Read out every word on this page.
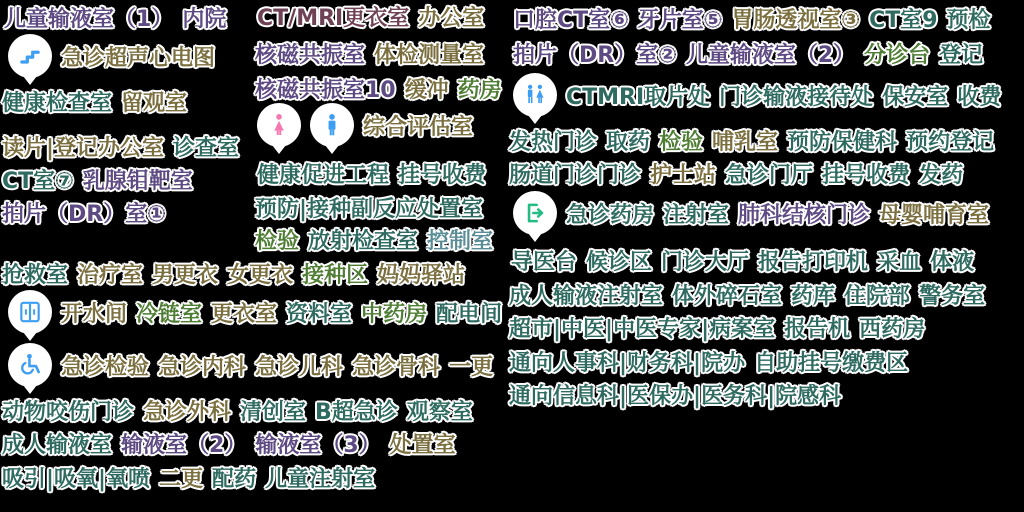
儿童输液室（1） 内院
急诊超声心电图
健康检查室 留观室
读片|登记办公室 诊查室
CT室⑦ 乳腺钼靶室
拍片（DR）室①
抢救室 治疗室 男更衣 女更衣 接种区 妈妈驿站
开水间 冷链室 更衣室 资料室 中药房 配电间
急诊检验 急诊内科 急诊儿科 急诊骨科 一更
动物咬伤门诊 急诊外科 清创室 B超急诊 观察室
成人输液室 输液室（2） 输液室（3） 处置室
吸引|吸氧|氧喷 二更 配药 儿童注射室
CT/MRI更衣室 办公室
核磁共振室 体检测量室
核磁共振室10 缓冲 药房
综合评估室
健康促进工程 挂号收费
预防|接种副反应处置室
检验 放射检查室 控制室
口腔CT室⑥ 牙片室⑤ 胃肠透视室③ CT室9 预检
拍片（DR）室② 儿童输液室（2） 分诊台 登记
CTMRI取片处 门诊输液接待处 保安室 收费
发热门诊 取药 检验 哺乳室 预防保健科 预约登记
肠道门诊门诊 护士站 急诊门厅 挂号收费 发药
急诊药房 注射室 肺科结核门诊 母婴哺育室
导医台 候诊区 门诊大厅 报告打印机 采血 体液
成人输液注射室 体外碎石室 药库 住院部 警务室
超市|中医|中医专家|病案室 报告机 西药房
通向人事科|财务科|院办 自助挂号缴费区
通向信息科|医保办|医务科|院感科
